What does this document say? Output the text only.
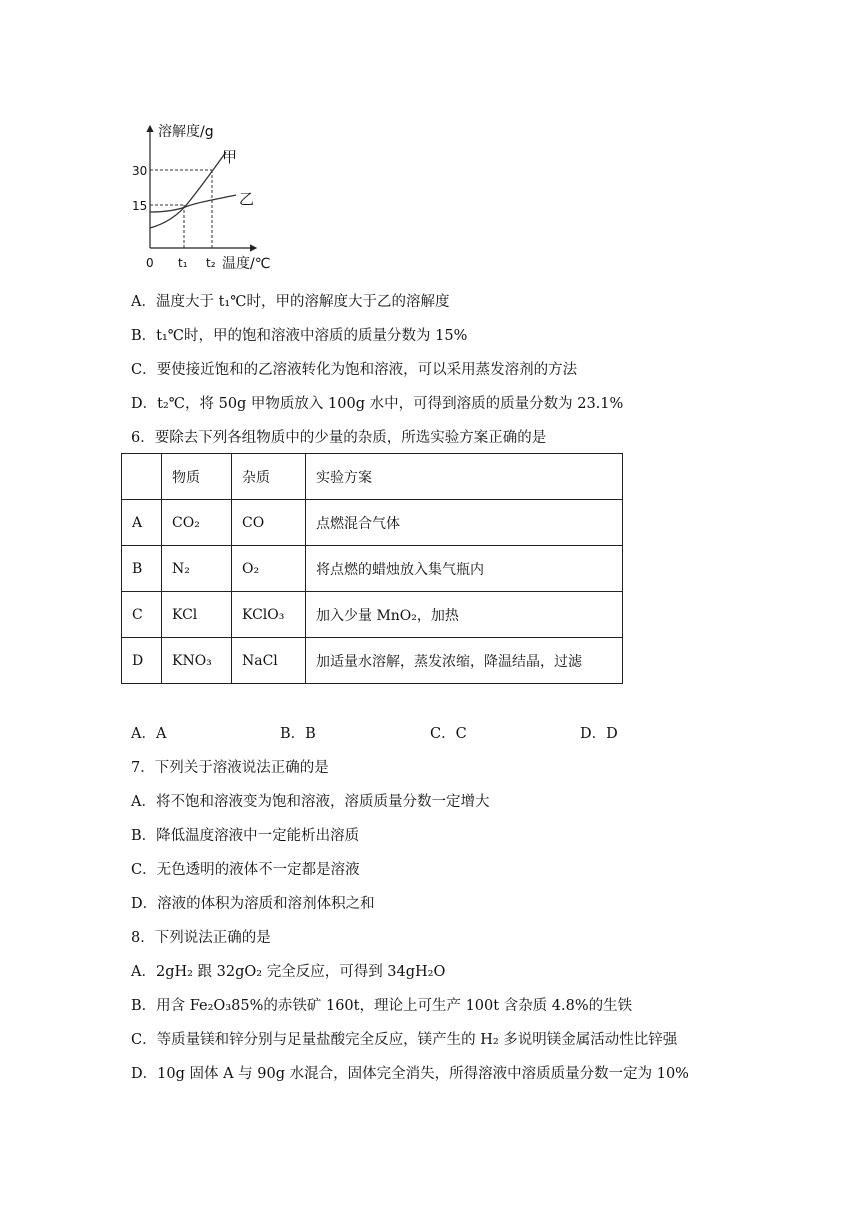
溶解度/g
温度/℃
0
30
15
t₁ t₂
甲
乙
A．温度大于 t₁℃时，甲的溶解度大于乙的溶解度
B．t₁℃时，甲的饱和溶液中溶质的质量分数为 15%
C．要使接近饱和的乙溶液转化为饱和溶液，可以采用蒸发溶剂的方法
D．t₂℃，将 50g 甲物质放入 100g 水中，可得到溶质的质量分数为 23.1%
6．要除去下列各组物质中的少量的杂质，所选实验方案正确的是
	物质	杂质	实验方案
A	CO₂	CO	点燃混合气体
B	N₂	O₂	将点燃的蜡烛放入集气瓶内
C	KCl	KClO₃	加入少量 MnO₂，加热
D	KNO₃	NaCl	加适量水溶解，蒸发浓缩，降温结晶，过滤
A．A	B．B	C．C	D．D
7．下列关于溶液说法正确的是
A．将不饱和溶液变为饱和溶液，溶质质量分数一定增大
B．降低温度溶液中一定能析出溶质
C．无色透明的液体不一定都是溶液
D．溶液的体积为溶质和溶剂体积之和
8．下列说法正确的是
A．2gH₂ 跟 32gO₂ 完全反应，可得到 34gH₂O
B．用含 Fe₂O₃85%的赤铁矿 160t，理论上可生产 100t 含杂质 4.8%的生铁
C．等质量镁和锌分别与足量盐酸完全反应，镁产生的 H₂ 多说明镁金属活动性比锌强
D．10g 固体 A 与 90g 水混合，固体完全消失，所得溶液中溶质质量分数一定为 10%
